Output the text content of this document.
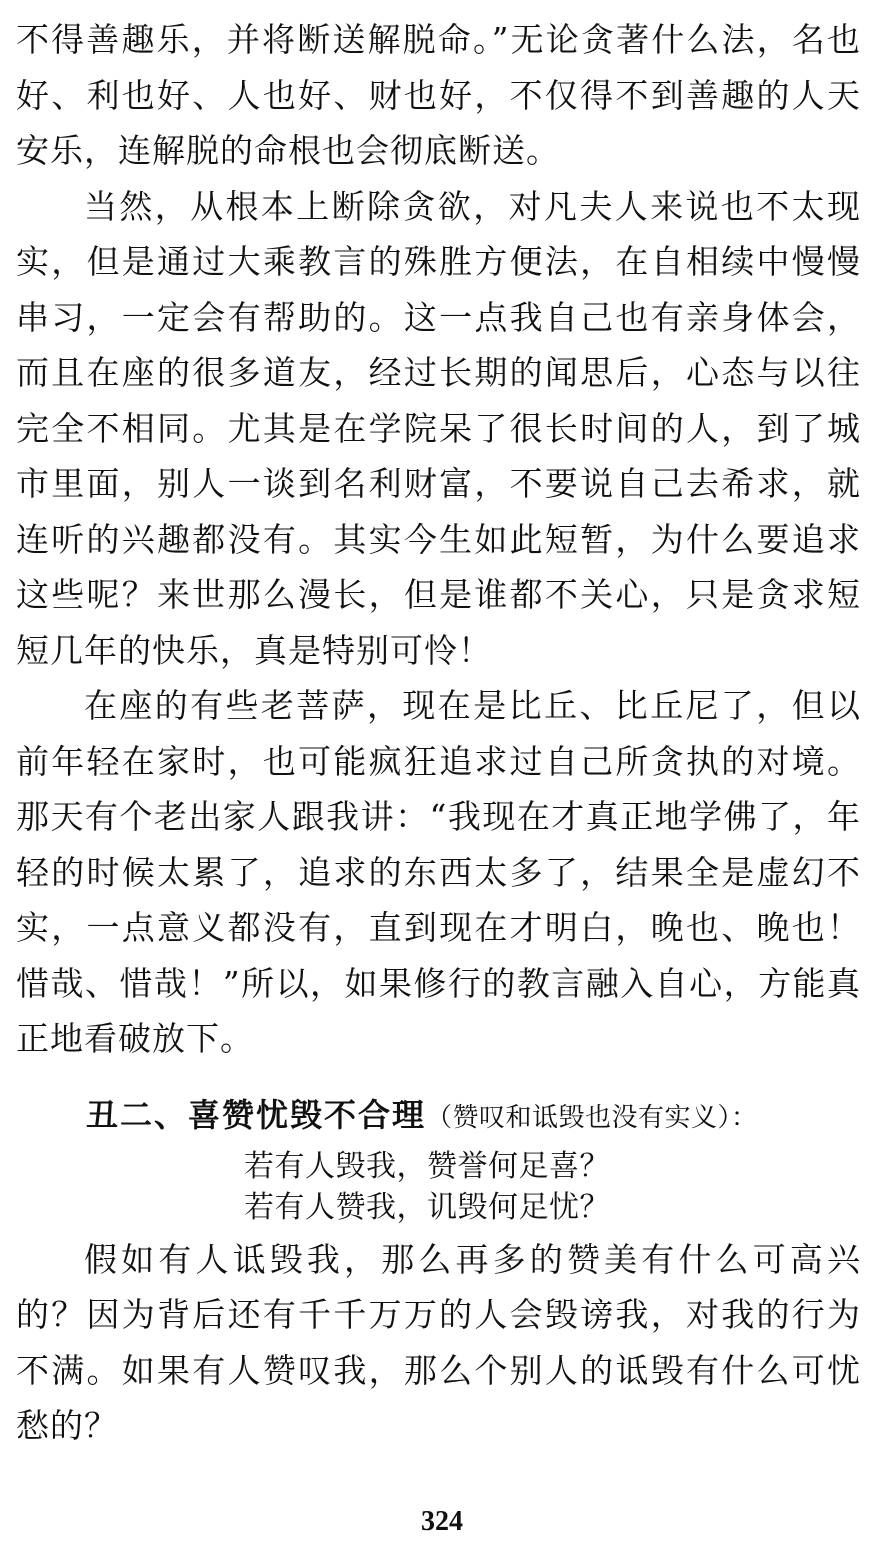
不得善趣乐，并将断送解脱命。”无论贪著什么法，名也好、利也好、人也好、财也好，不仅得不到善趣的人天安乐，连解脱的命根也会彻底断送。

当然，从根本上断除贪欲，对凡夫人来说也不太现实，但是通过大乘教言的殊胜方便法，在自相续中慢慢串习，一定会有帮助的。这一点我自己也有亲身体会，而且在座的很多道友，经过长期的闻思后，心态与以往完全不相同。尤其是在学院呆了很长时间的人，到了城市里面，别人一谈到名利财富，不要说自己去希求，就连听的兴趣都没有。其实今生如此短暂，为什么要追求这些呢？来世那么漫长，但是谁都不关心，只是贪求短短几年的快乐，真是特别可怜！

在座的有些老菩萨，现在是比丘、比丘尼了，但以前年轻在家时，也可能疯狂追求过自己所贪执的对境。那天有个老出家人跟我讲：“我现在才真正地学佛了，年轻的时候太累了，追求的东西太多了，结果全是虚幻不实，一点意义都没有，直到现在才明白，晚也、晚也！惜哉、惜哉！”所以，如果修行的教言融入自心，方能真正地看破放下。

丑二、喜赞忧毁不合理（赞叹和诋毁也没有实义）：

若有人毁我，赞誉何足喜？

若有人赞我，讥毁何足忧？

假如有人诋毁我，那么再多的赞美有什么可高兴的？因为背后还有千千万万的人会毁谤我，对我的行为不满。如果有人赞叹我，那么个别人的诋毁有什么可忧愁的？

324
